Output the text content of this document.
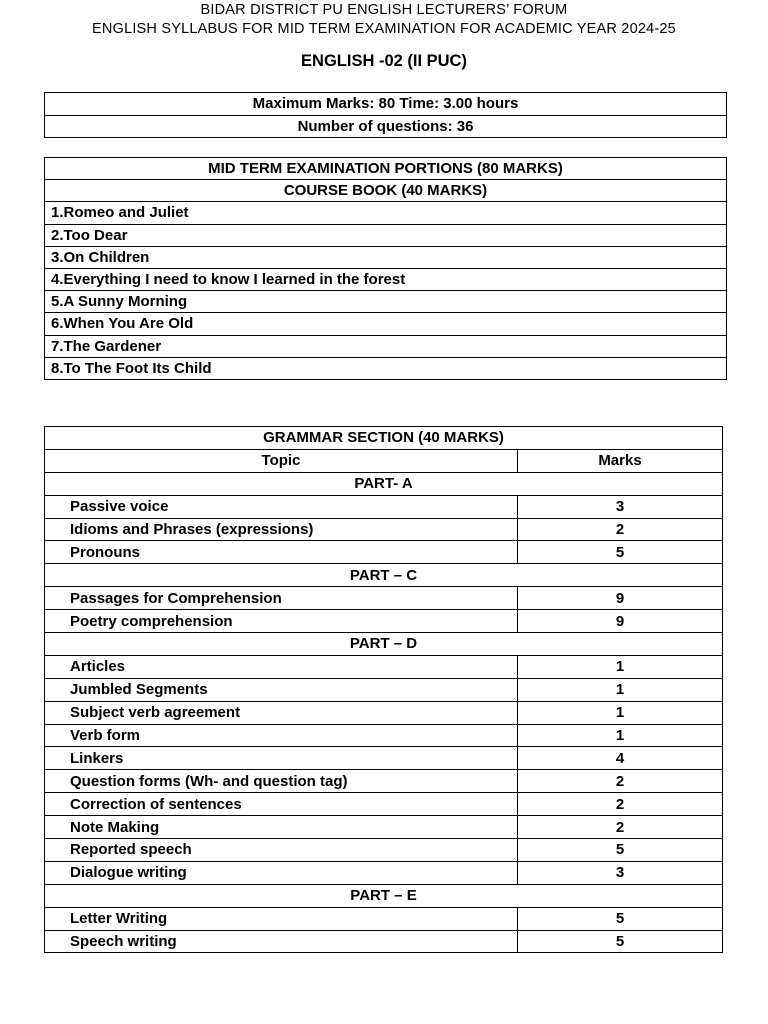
BIDAR DISTRICT PU ENGLISH LECTURERS’ FORUM
ENGLISH SYLLABUS FOR MID TERM EXAMINATION FOR ACADEMIC YEAR 2024-25
ENGLISH -02 (II PUC)
Maximum Marks: 80 Time: 3.00 hours
Number of questions: 36
MID TERM EXAMINATION PORTIONS (80 MARKS)
COURSE BOOK (40 MARKS)
1.Romeo and Juliet
2.Too Dear
3.On Children
4.Everything I need to know I learned in the forest
5.A Sunny Morning
6.When You Are Old
7.The Gardener
8.To The Foot Its Child
GRAMMAR SECTION (40 MARKS)	
Topic	Marks
PART- A	
Passive voice	3
Idioms and Phrases (expressions)	2
Pronouns	5
PART – C	
Passages for Comprehension	9
Poetry comprehension	9
PART – D	
Articles	1
Jumbled Segments	1
Subject verb agreement	1
Verb form	1
Linkers	4
Question forms (Wh- and question tag)	2
Correction of sentences	2
Note Making	2
Reported speech	5
Dialogue writing	3
PART – E	
Letter Writing	5
Speech writing	5
